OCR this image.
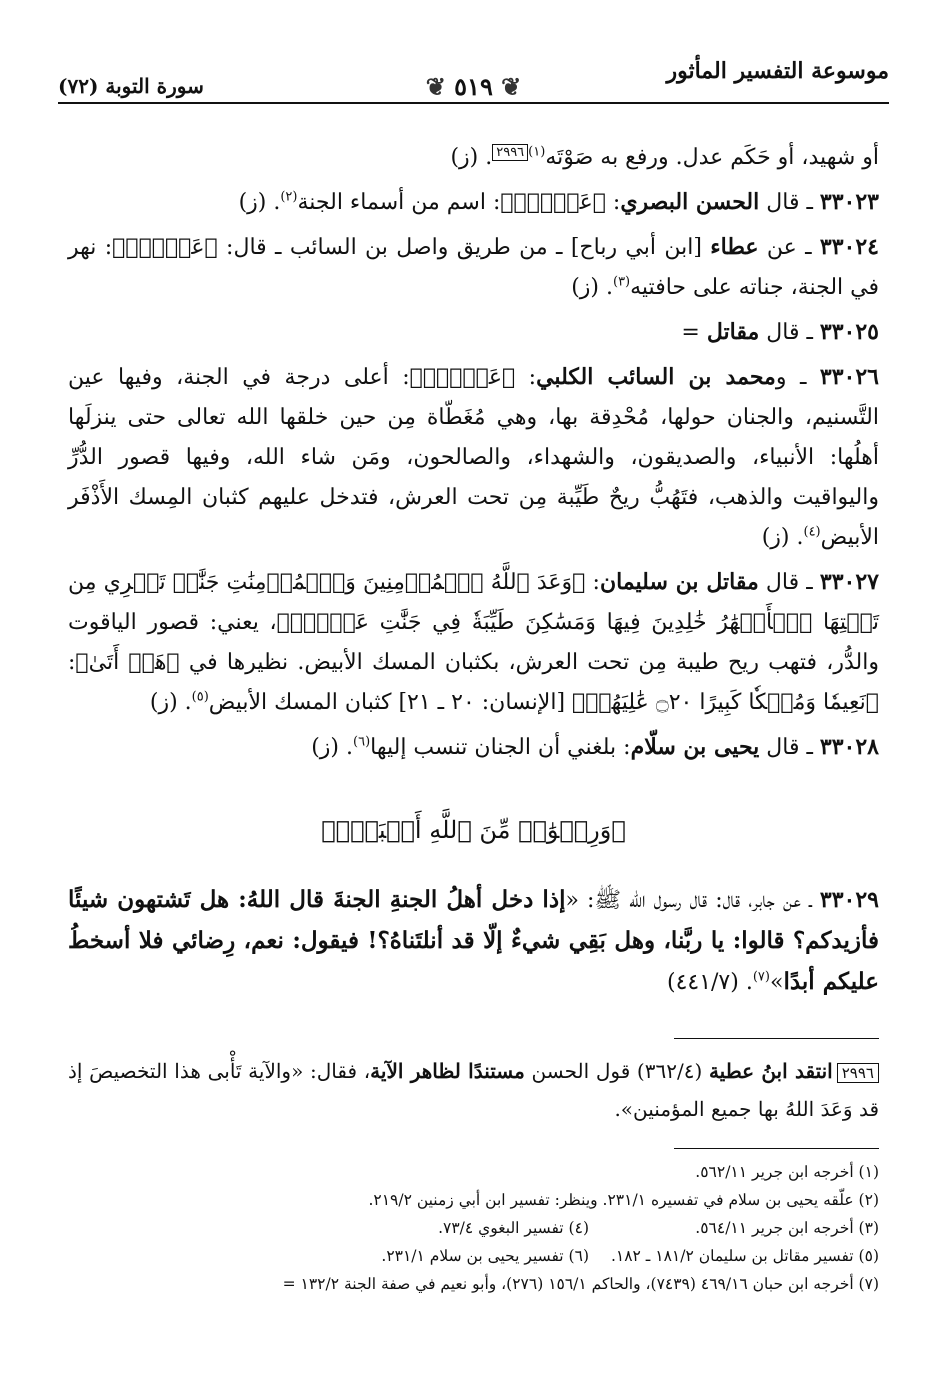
موسوعة التفسير المأثور
❦ ٥١٩ ❦
سورة التوبة (٧٢)

أو شهيد، أو حَكَم عدل. ورفع به صَوْتَه$^{(١)}$٢٩٩٦. (ز)

٣٣٠٢٣ ـ قال الحسن البصري: ﴿عَدۡنٍۚ﴾: اسم من أسماء الجنة$^{(٢)}$. (ز)

٣٣٠٢٤ ـ عن عطاء [ابن أبي رباح] ـ من طريق واصل بن السائب ـ قال: ﴿عَدۡنٍۚ﴾: نهر في الجنة، جناته على حافتيه$^{(٣)}$. (ز)

٣٣٠٢٥ ـ قال مقاتل =

٣٣٠٢٦ ـ ومحمد بن السائب الكلبي: ﴿عَدۡنٍۚ﴾: أعلى درجة في الجنة، وفيها عين التَّسنيم، والجنان حولها، مُحْدِقة بها، وهي مُغَطّاة مِن حين خلقها الله تعالى حتى ينزلَها أهلُها: الأنبياء، والصديقون، والشهداء، والصالحون، ومَن شاء الله، وفيها قصور الدُّرِّ واليواقيت والذهب، فتَهُبُّ ريحٌ طَيِّبة مِن تحت العرش، فتدخل عليهم كثبان المِسك الأَذْفَر الأبيض$^{(٤)}$. (ز)

٣٣٠٢٧ ـ قال مقاتل بن سليمان: ﴿وَعَدَ ٱللَّهُ ٱلۡمُؤۡمِنِينَ وَٱلۡمُؤۡمِنَٰتِ جَنَّٰتٖ تَجۡرِي مِن تَحۡتِهَا ٱلۡأَنۡهَٰرُ خَٰلِدِينَ فِيهَا وَمَسَٰكِنَ طَيِّبَةٗ فِي جَنَّٰتِ عَدۡنٍۚ﴾، يعني: قصور الياقوت والدُّر، فتهب ريح طيبة مِن تحت العرش، بكثبان المسك الأبيض. نظيرها في ﴿هَلۡ أَتَىٰ﴾: ﴿نَعِيمٗا وَمُلۡكٗا كَبِيرًا ۝٢٠ عَٰلِيَهُمۡ﴾ [الإنسان: ٢٠ ـ ٢١] كثبان المسك الأبيض$^{(٥)}$. (ز)

٣٣٠٢٨ ـ قال يحيى بن سلّام: بلغني أن الجنان تنسب إليها$^{(٦)}$. (ز)

﴿وَرِضۡوَٰنٞ مِّنَ ٱللَّهِ أَكۡبَرُۚ﴾

٣٣٠٢٩ ـ عن جابر، قال: قال رسول الله ﷺ: «إذا دخل أهلُ الجنةِ الجنةَ قال اللهُ: هل تَشتهون شيئًا فأزيدكم؟ قالوا: يا ربَّنا، وهل بَقِي شيءٌ إلّا قد أنلتَناهُ؟! فيقول: نعم، رِضائي فلا أسخطُ عليكم أبدًا»$^{(٧)}$. (٤٤١/٧)

٢٩٩٦انتقد ابنُ عطية (٣٦٢/٤) قول الحسن مستندًا لظاهر الآية، فقال: «والآية تَأْبى هذا التخصيصَ إذ قد وَعَدَ اللهُ بها جميع المؤمنين».
(١) أخرجه ابن جرير ٥٦٢/١١.
(٢) علّقه يحيى بن سلام في تفسيره ٢٣١/١. وينظر: تفسير ابن أبي زمنين ٢١٩/٢.
(٣) أخرجه ابن جرير ٥٦٤/١١.(٤) تفسير البغوي ٧٣/٤.
(٥) تفسير مقاتل بن سليمان ١٨١/٢ ـ ١٨٢.(٦) تفسير يحيى بن سلام ٢٣١/١.
(٧) أخرجه ابن حبان ٤٦٩/١٦ (٧٤٣٩)، والحاكم ١٥٦/١ (٢٧٦)، وأبو نعيم في صفة الجنة ١٣٢/٢ =
